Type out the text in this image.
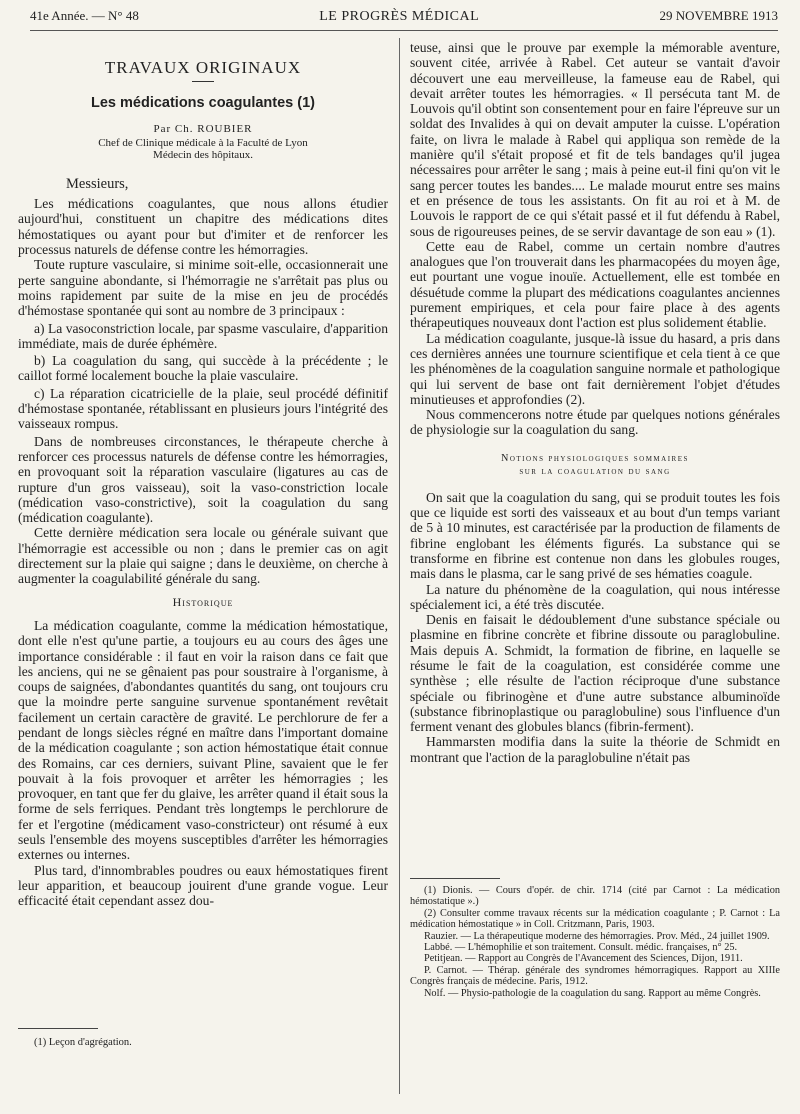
41e Année. — N° 48	LE PROGRÈS MÉDICAL	29 NOVEMBRE 1913
TRAVAUX ORIGINAUX
Les médications coagulantes (1)
Par Ch. ROUBIER
Chef de Clinique médicale à la Faculté de Lyon
Médecin des hôpitaux.
Messieurs,

Les médications coagulantes, que nous allons étudier aujourd'hui, constituent un chapitre des médications dites hémostatiques ou ayant pour but d'imiter et de renforcer les processus naturels de défense contre les hémorragies.

Toute rupture vasculaire, si minime soit-elle, occasionnerait une perte sanguine abondante, si l'hémorragie ne s'arrêtait pas plus ou moins rapidement par suite de la mise en jeu de procédés d'hémostase spontanée qui sont au nombre de 3 principaux :

a) La vasoconstriction locale, par spasme vasculaire, d'apparition immédiate, mais de durée éphémère.

b) La coagulation du sang, qui succède à la précédente ; le caillot formé localement bouche la plaie vasculaire.

c) La réparation cicatricielle de la plaie, seul procédé définitif d'hémostase spontanée, rétablissant en plusieurs jours l'intégrité des vaisseaux rompus.

Dans de nombreuses circonstances, le thérapeute cherche à renforcer ces processus naturels de défense contre les hémorragies, en provoquant soit la réparation vasculaire (ligatures au cas de rupture d'un gros vaisseau), soit la vaso-constriction locale (médication vaso-constrictive), soit la coagulation du sang (médication coagulante).

Cette dernière médication sera locale ou générale suivant que l'hémorragie est accessible ou non ; dans le premier cas on agit directement sur la plaie qui saigne ; dans le deuxième, on cherche à augmenter la coagulabilité générale du sang.

Historique

La médication coagulante, comme la médication hémostatique, dont elle n'est qu'une partie, a toujours eu au cours des âges une importance considérable : il faut en voir la raison dans ce fait que les anciens, qui ne se gênaient pas pour soustraire à l'organisme, à coups de saignées, d'abondantes quantités du sang, ont toujours cru que la moindre perte sanguine survenue spontanément revêtait facilement un certain caractère de gravité. Le perchlorure de fer a pendant de longs siècles régné en maître dans l'important domaine de la médication coagulante ; son action hémostatique était connue des Romains, car ces derniers, suivant Pline, savaient que le fer pouvait à la fois provoquer et arrêter les hémorragies ; les provoquer, en tant que fer du glaive, les arrêter quand il était sous la forme de sels ferriques. Pendant très longtemps le perchlorure de fer et l'ergotine (médicament vaso-constricteur) ont résumé à eux seuls l'ensemble des moyens susceptibles d'arrêter les hémorragies externes ou internes.

Plus tard, d'innombrables poudres ou eaux hémostatiques firent leur apparition, et beaucoup jouirent d'une grande vogue. Leur efficacité était cependant assez dou-

(1) Leçon d'agrégation.

teuse, ainsi que le prouve par exemple la mémorable aventure, souvent citée, arrivée à Rabel. Cet auteur se vantait d'avoir découvert une eau merveilleuse, la fameuse eau de Rabel, qui devait arrêter toutes les hémorragies. « Il persécuta tant M. de Louvois qu'il obtint son consentement pour en faire l'épreuve sur un soldat des Invalides à qui on devait amputer la cuisse. L'opération faite, on livra le malade à Rabel qui appliqua son remède de la manière qu'il s'était proposé et fit de tels bandages qu'il jugea nécessaires pour arrêter le sang ; mais à peine eut-il fini qu'on vit le sang percer toutes les bandes.... Le malade mourut entre ses mains et en présence de tous les assistants. On fit au roi et à M. de Louvois le rapport de ce qui s'était passé et il fut défendu à Rabel, sous de rigoureuses peines, de se servir davantage de son eau » (1).

Cette eau de Rabel, comme un certain nombre d'autres analogues que l'on trouverait dans les pharmacopées du moyen âge, eut pourtant une vogue inouïe. Actuellement, elle est tombée en désuétude comme la plupart des médications coagulantes anciennes purement empiriques, et cela pour faire place à des agents thérapeutiques nouveaux dont l'action est plus solidement établie.

La médication coagulante, jusque-là issue du hasard, a pris dans ces dernières années une tournure scientifique et cela tient à ce que les phénomènes de la coagulation sanguine normale et pathologique qui lui servent de base ont fait dernièrement l'objet d'études minutieuses et approfondies (2).

Nous commencerons notre étude par quelques notions générales de physiologie sur la coagulation du sang.

Notions physiologiques sommaires
sur la coagulation du sang

On sait que la coagulation du sang, qui se produit toutes les fois que ce liquide est sorti des vaisseaux et au bout d'un temps variant de 5 à 10 minutes, est caractérisée par la production de filaments de fibrine englobant les éléments figurés. La substance qui se transforme en fibrine est contenue non dans les globules rouges, mais dans le plasma, car le sang privé de ses hématies coagule.

La nature du phénomène de la coagulation, qui nous intéresse spécialement ici, a été très discutée.

Denis en faisait le dédoublement d'une substance spéciale ou plasmine en fibrine concrète et fibrine dissoute ou paraglobuline. Mais depuis A. Schmidt, la formation de fibrine, en laquelle se résume le fait de la coagulation, est considérée comme une synthèse ; elle résulte de l'action réciproque d'une substance spéciale ou fibrinogène et d'une autre substance albuminoïde (substance fibrinoplastique ou paraglobuline) sous l'influence d'un ferment venant des globules blancs (fibrin-ferment).

Hammarsten modifia dans la suite la théorie de Schmidt en montrant que l'action de la paraglobuline n'était pas

(1) Dionis. — Cours d'opér. de chir. 1714 (cité par Carnot : La médication hémostatique ».)

(2) Consulter comme travaux récents sur la médication coagulante ; P. Carnot : La médication hémostatique » in Coll. Critzmann, Paris, 1903.

Rauzier. — La thérapeutique moderne des hémorragies. Prov. Méd., 24 juillet 1909.

Labbé. — L'hémophilie et son traitement. Consult. médic. françaises, n° 25.

Petitjean. — Rapport au Congrès de l'Avancement des Sciences, Dijon, 1911.

P. Carnot. — Thérap. générale des syndromes hémorragiques. Rapport au XIIIe Congrès français de médecine. Paris, 1912.

Nolf. — Physio-pathologie de la coagulation du sang. Rapport au même Congrès.
